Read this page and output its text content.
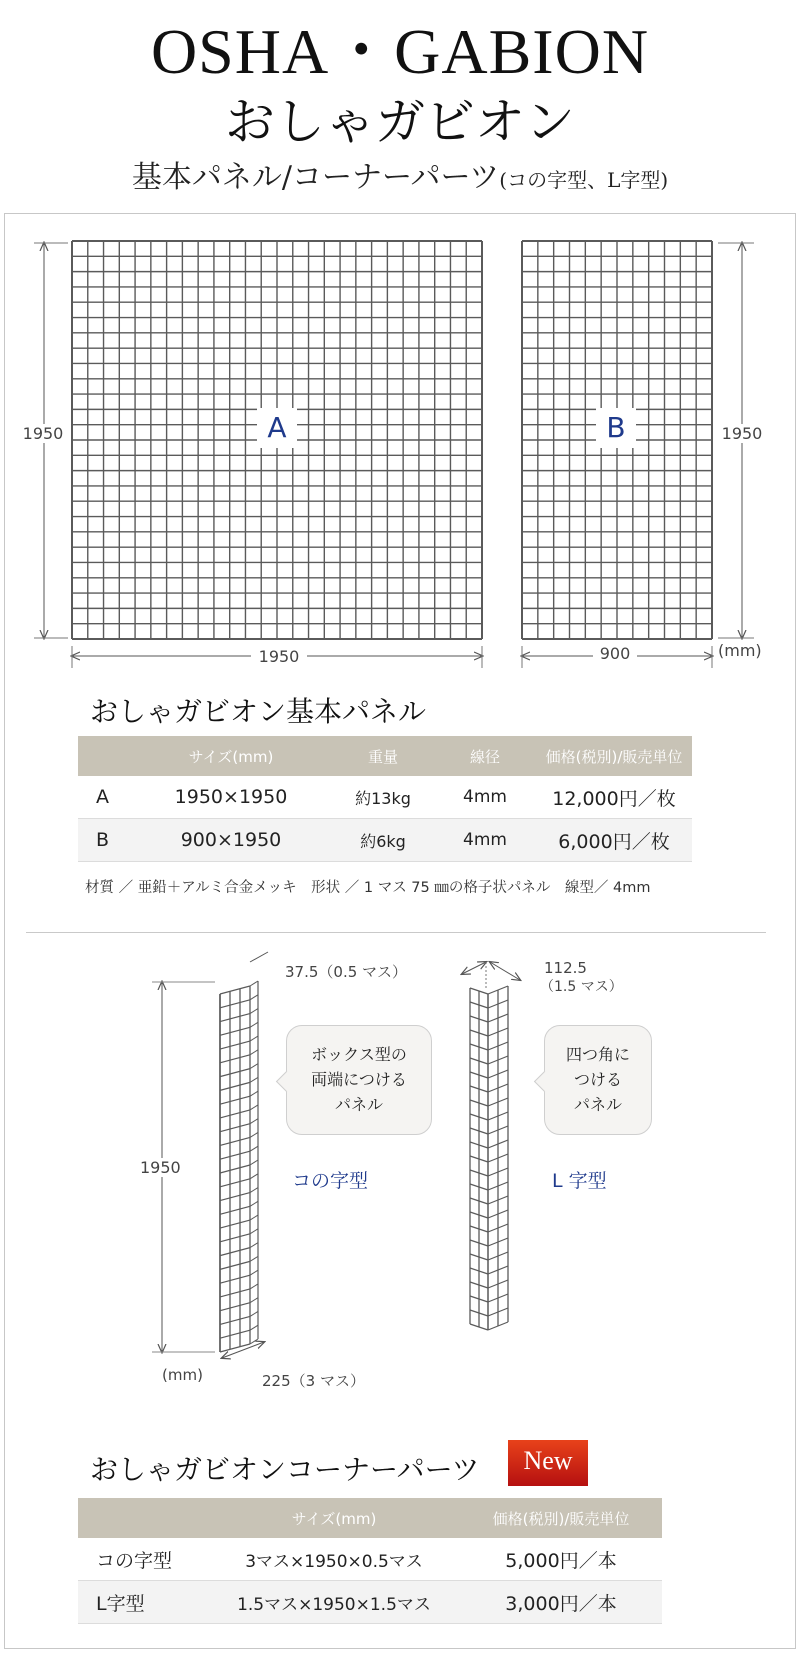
OSHA・GABION
おしゃガビオン
基本パネル/コーナーパーツ(コの字型、L字型)
A	B
1950
1950
1950
900	(mm)
おしゃガビオン基本パネル
	サイズ(mm)	重量	線径	価格(税別)/販売単位
A	1950×1950	約13kg	4mm	12,000円／枚
B	900×1950	約6kg	4mm	6,000円／枚
材質 ／ 亜鉛＋アルミ合金メッキ　形状 ／ 1 マス 75 ㎜の格子状パネル　線型／ 4mm
37.5（0.5 マス）
1950
(mm)	225（3 マス）
112.5
（1.5 マス）
ボックス型の
両端につける
パネル
四つ角に
つける
パネル
コの字型	L 字型
おしゃガビオンコーナーパーツ	New
	サイズ(mm)	価格(税別)/販売単位
コの字型	3マス×1950×0.5マス	5,000円／本
L字型	1.5マス×1950×1.5マス	3,000円／本
